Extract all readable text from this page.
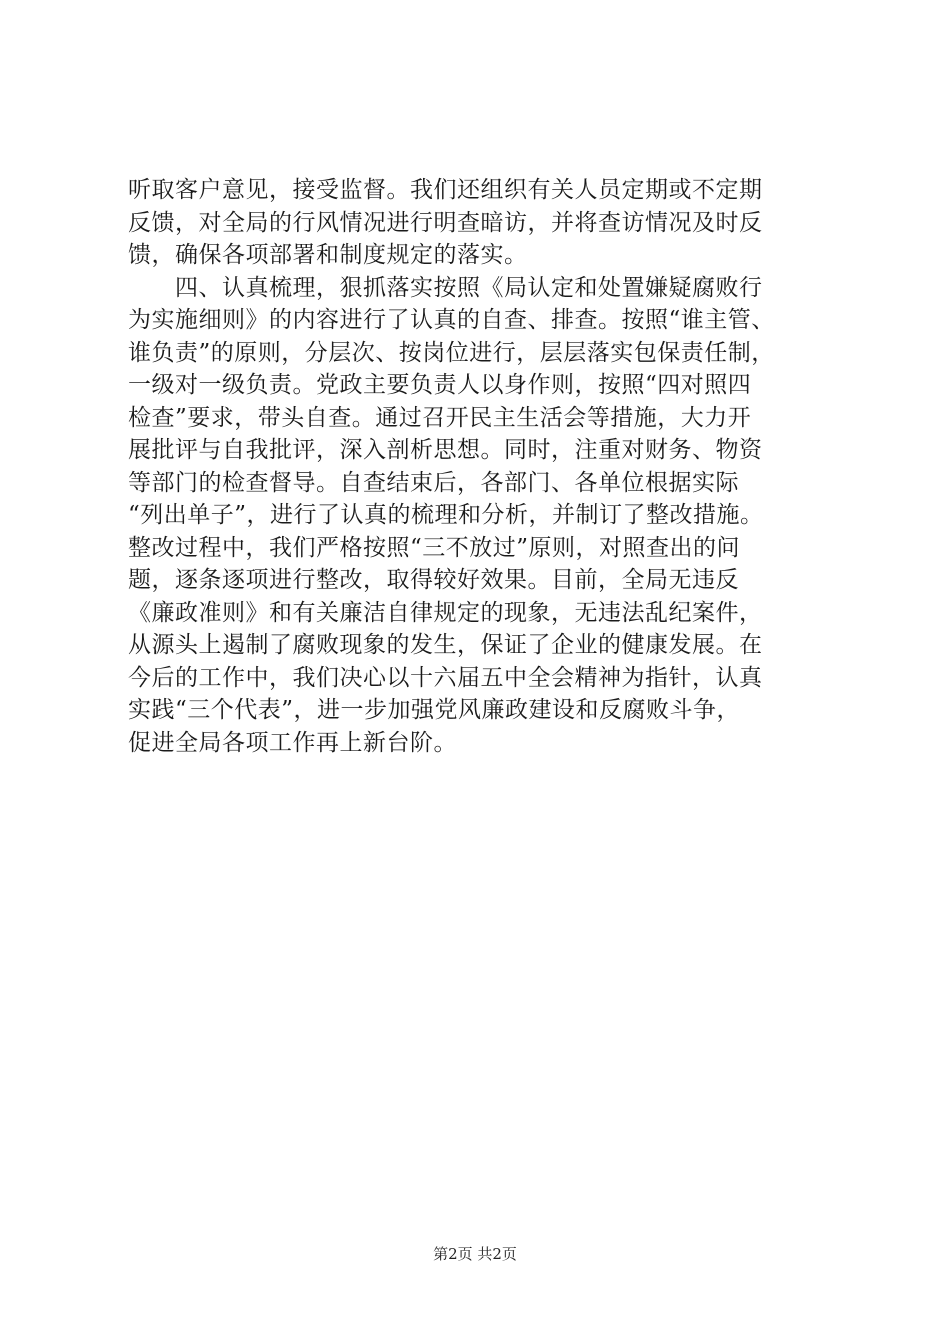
听取客户意见，接受监督。我们还组织有关人员定期或不定期
反馈，对全局的行风情况进行明查暗访，并将查访情况及时反
馈，确保各项部署和制度规定的落实。
　　四、认真梳理，狠抓落实按照《局认定和处置嫌疑腐败行
为实施细则》的内容进行了认真的自查、排查。按照“谁主管、
谁负责”的原则，分层次、按岗位进行，层层落实包保责任制，
一级对一级负责。党政主要负责人以身作则，按照“四对照四
检查”要求，带头自查。通过召开民主生活会等措施，大力开
展批评与自我批评，深入剖析思想。同时，注重对财务、物资
等部门的检查督导。自查结束后，各部门、各单位根据实际
“列出单子”，进行了认真的梳理和分析，并制订了整改措施。
整改过程中，我们严格按照“三不放过”原则，对照查出的问
题，逐条逐项进行整改，取得较好效果。目前，全局无违反
《廉政准则》和有关廉洁自律规定的现象，无违法乱纪案件，
从源头上遏制了腐败现象的发生，保证了企业的健康发展。在
今后的工作中，我们决心以十六届五中全会精神为指针，认真
实践“三个代表”，进一步加强党风廉政建设和反腐败斗争，
促进全局各项工作再上新台阶。
第2页 共2页
